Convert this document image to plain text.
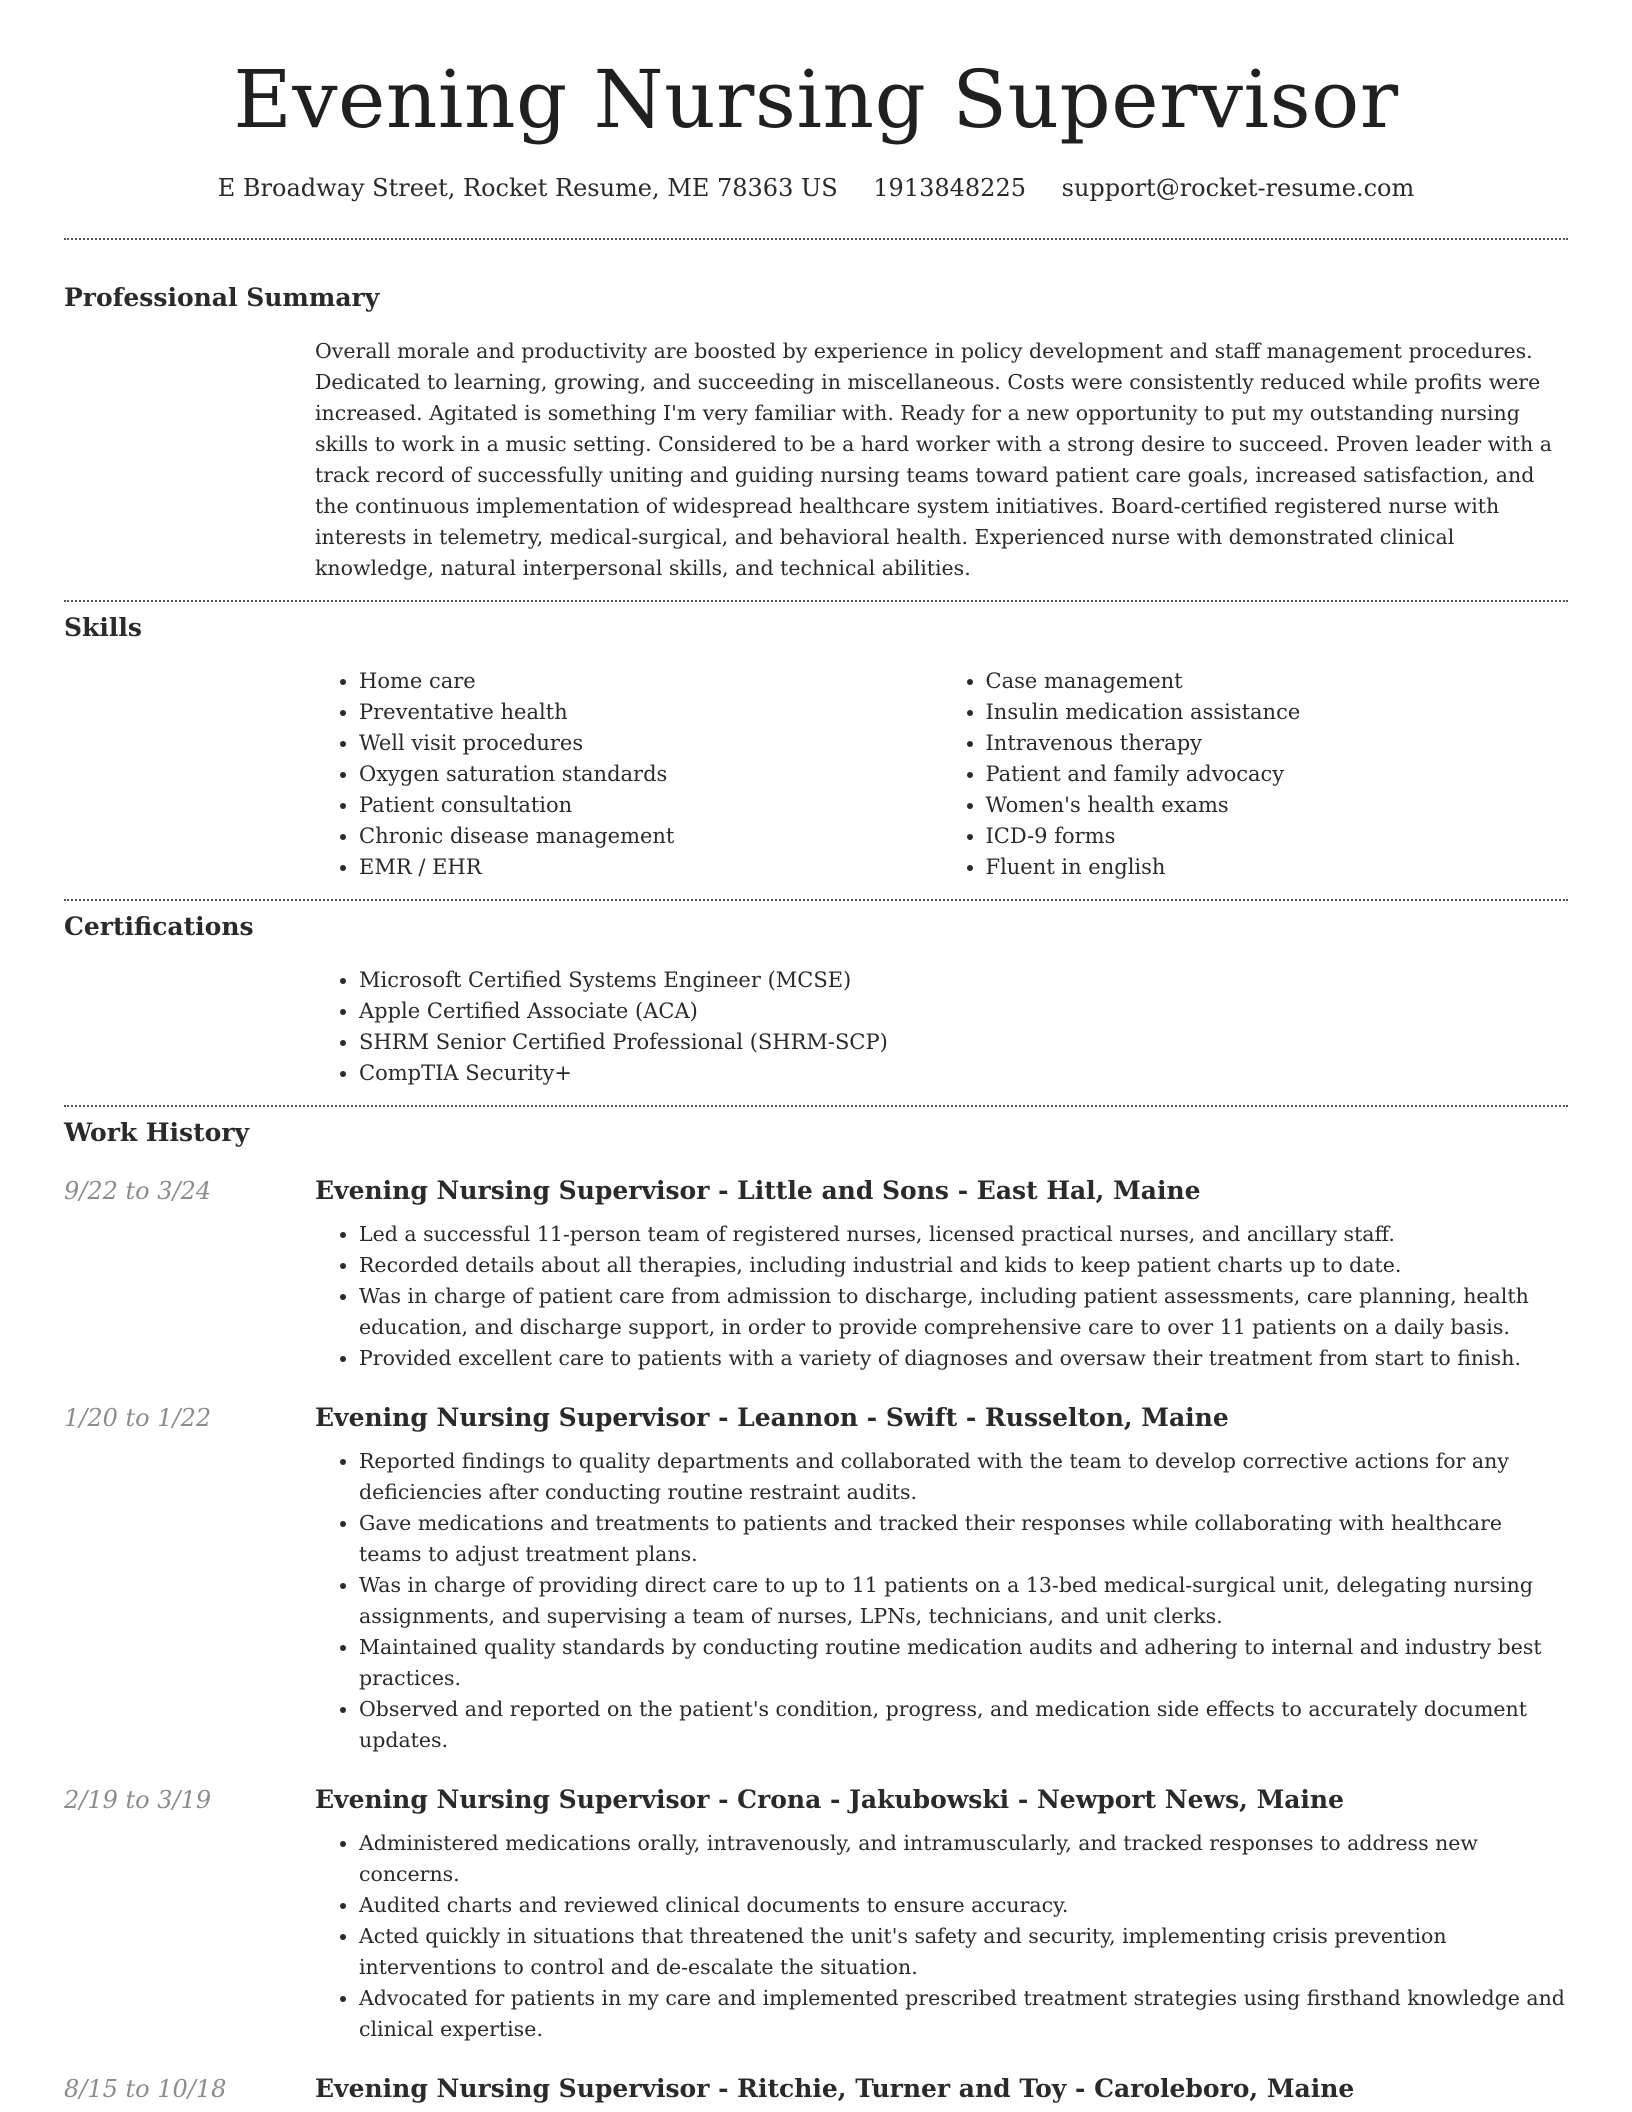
Evening Nursing Supervisor
E Broadway Street, Rocket Resume, ME 78363 US 1913848225 support@rocket-resume.com
Professional Summary

Overall morale and productivity are boosted by experience in policy development and staff management procedures. Dedicated to learning, growing, and succeeding in miscellaneous. Costs were consistently reduced while profits were increased. Agitated is something I'm very familiar with. Ready for a new opportunity to put my outstanding nursing skills to work in a music setting. Considered to be a hard worker with a strong desire to succeed. Proven leader with a track record of successfully uniting and guiding nursing teams toward patient care goals, increased satisfaction, and the continuous implementation of widespread healthcare system initiatives. Board-certified registered nurse with interests in telemetry, medical-surgical, and behavioral health. Experienced nurse with demonstrated clinical knowledge, natural interpersonal skills, and technical abilities.

Skills
• Home care
• Preventative health
• Well visit procedures
• Oxygen saturation standards
• Patient consultation
• Chronic disease management
• EMR / EHR
• Case management
• Insulin medication assistance
• Intravenous therapy
• Patient and family advocacy
• Women's health exams
• ICD-9 forms
• Fluent in english
Certifications
• Microsoft Certified Systems Engineer (MCSE)
• Apple Certified Associate (ACA)
• SHRM Senior Certified Professional (SHRM-SCP)
• CompTIA Security+
Work History
9/22 to 3/24	Evening Nursing Supervisor - Little and Sons - East Hal, Maine
• Led a successful 11-person team of registered nurses, licensed practical nurses, and ancillary staff.
• Recorded details about all therapies, including industrial and kids to keep patient charts up to date.
• Was in charge of patient care from admission to discharge, including patient assessments, care planning, health education, and discharge support, in order to provide comprehensive care to over 11 patients on a daily basis.
• Provided excellent care to patients with a variety of diagnoses and oversaw their treatment from start to finish.
1/20 to 1/22	Evening Nursing Supervisor - Leannon - Swift - Russelton, Maine
• Reported findings to quality departments and collaborated with the team to develop corrective actions for any deficiencies after conducting routine restraint audits.
• Gave medications and treatments to patients and tracked their responses while collaborating with healthcare teams to adjust treatment plans.
• Was in charge of providing direct care to up to 11 patients on a 13-bed medical-surgical unit, delegating nursing assignments, and supervising a team of nurses, LPNs, technicians, and unit clerks.
• Maintained quality standards by conducting routine medication audits and adhering to internal and industry best practices.
• Observed and reported on the patient's condition, progress, and medication side effects to accurately document updates.
2/19 to 3/19	Evening Nursing Supervisor - Crona - Jakubowski - Newport News, Maine
• Administered medications orally, intravenously, and intramuscularly, and tracked responses to address new concerns.
• Audited charts and reviewed clinical documents to ensure accuracy.
• Acted quickly in situations that threatened the unit's safety and security, implementing crisis prevention interventions to control and de-escalate the situation.
• Advocated for patients in my care and implemented prescribed treatment strategies using firsthand knowledge and clinical expertise.
8/15 to 10/18	Evening Nursing Supervisor - Ritchie, Turner and Toy - Caroleboro, Maine
